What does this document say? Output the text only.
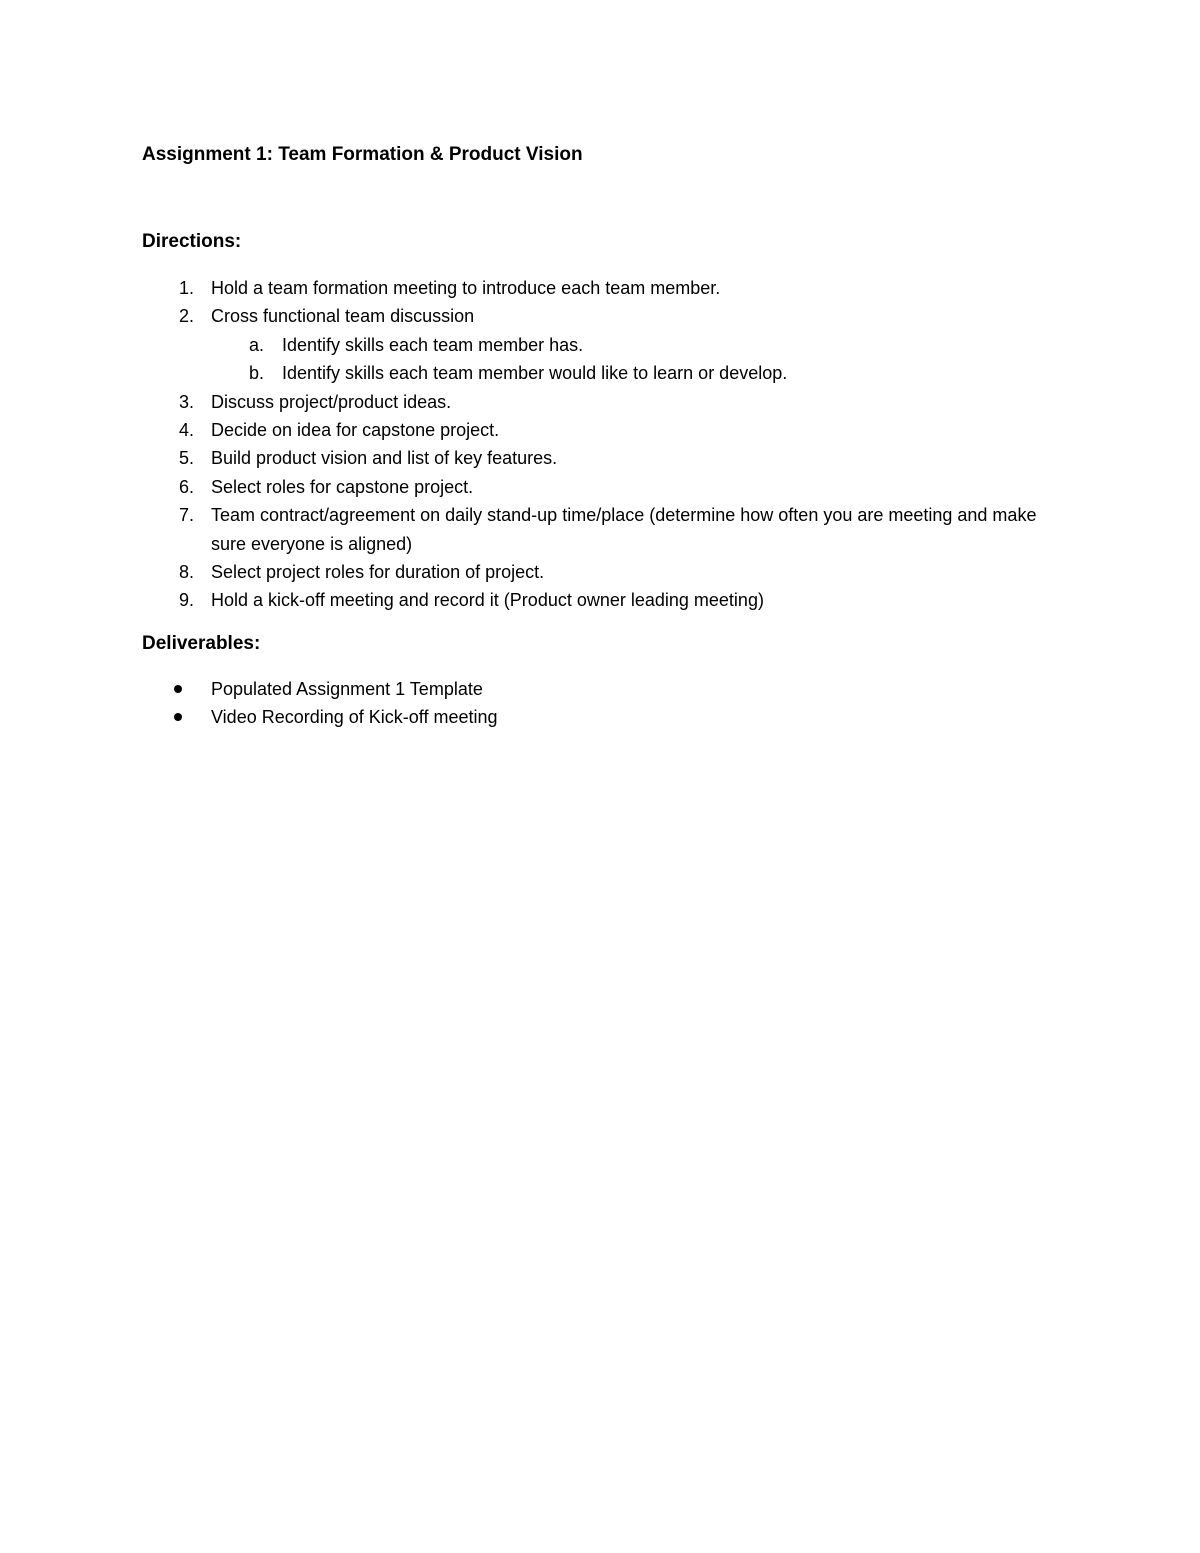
Assignment 1: Team Formation & Product Vision
Directions:
1. Hold a team formation meeting to introduce each team member.
2. Cross functional team discussion
a. Identify skills each team member has.
b. Identify skills each team member would like to learn or develop.
3. Discuss project/product ideas.
4. Decide on idea for capstone project.
5. Build product vision and list of key features.
6. Select roles for capstone project.
7. Team contract/agreement on daily stand-up time/place (determine how often you are meeting and make sure everyone is aligned)
8. Select project roles for duration of project.
9. Hold a kick-off meeting and record it (Product owner leading meeting)
Deliverables:
Populated Assignment 1 Template
Video Recording of Kick-off meeting
